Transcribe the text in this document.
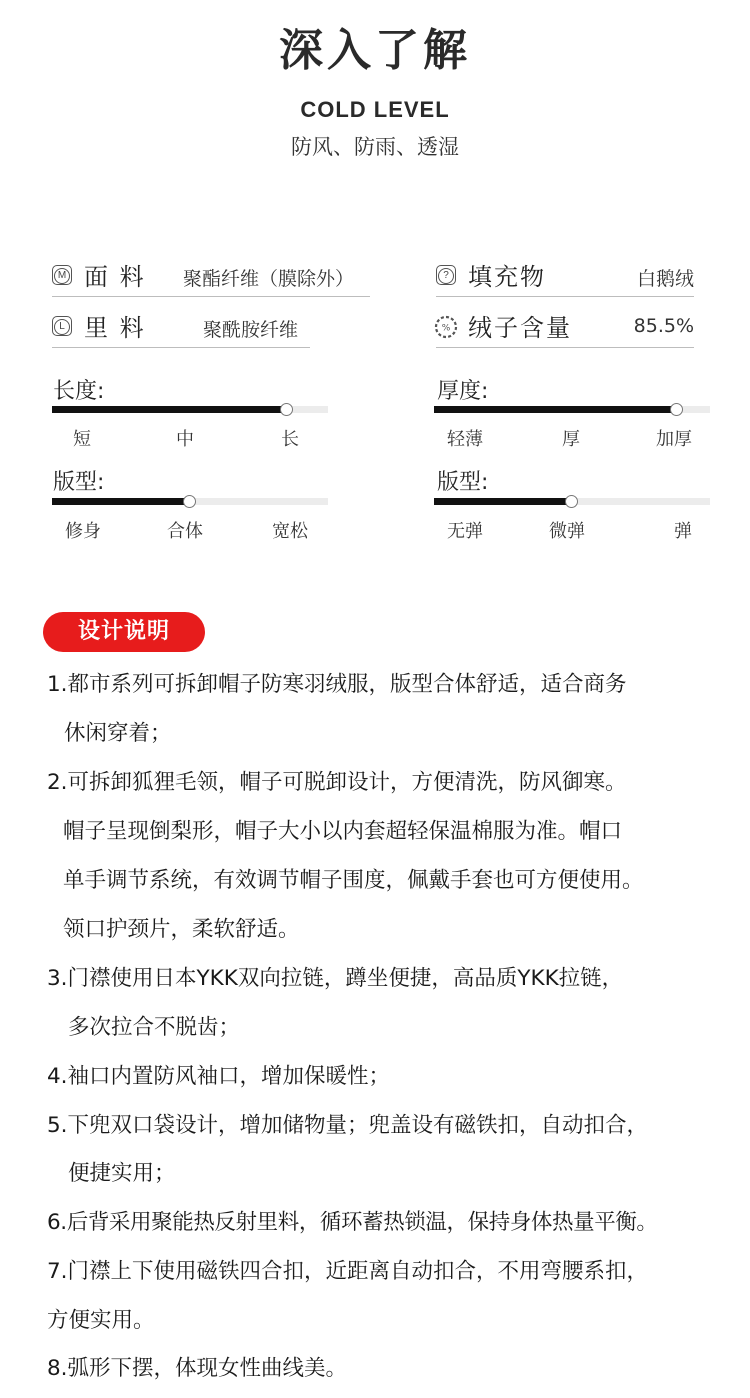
深入了解
COLD LEVEL
防风、防雨、透湿
M 面 料 聚酯纤维（膜除外）	? 填充物	白鹅绒
L 里 料	聚酰胺纤维	% 绒子含量	85.5%
长度:
短	中	长
厚度:
轻薄	厚	加厚
版型:
修身	合体	宽松
版型:
无弹	微弹	弹
设计说明
1.都市系列可拆卸帽子防寒羽绒服，版型合体舒适，适合商务
休闲穿着；
2.可拆卸狐狸毛领，帽子可脱卸设计，方便清洗，防风御寒。
帽子呈现倒梨形，帽子大小以内套超轻保温棉服为准。帽口
单手调节系统，有效调节帽子围度，佩戴手套也可方便使用。
领口护颈片，柔软舒适。
3.门襟使用日本YKK双向拉链，蹲坐便捷，高品质YKK拉链，
多次拉合不脱齿；
4.袖口内置防风袖口，增加保暖性；
5.下兜双口袋设计，增加储物量；兜盖设有磁铁扣，自动扣合，
便捷实用；
6.后背采用聚能热反射里料，循环蓄热锁温，保持身体热量平衡。
7.门襟上下使用磁铁四合扣，近距离自动扣合，不用弯腰系扣，
方便实用。
8.弧形下摆，体现女性曲线美。
